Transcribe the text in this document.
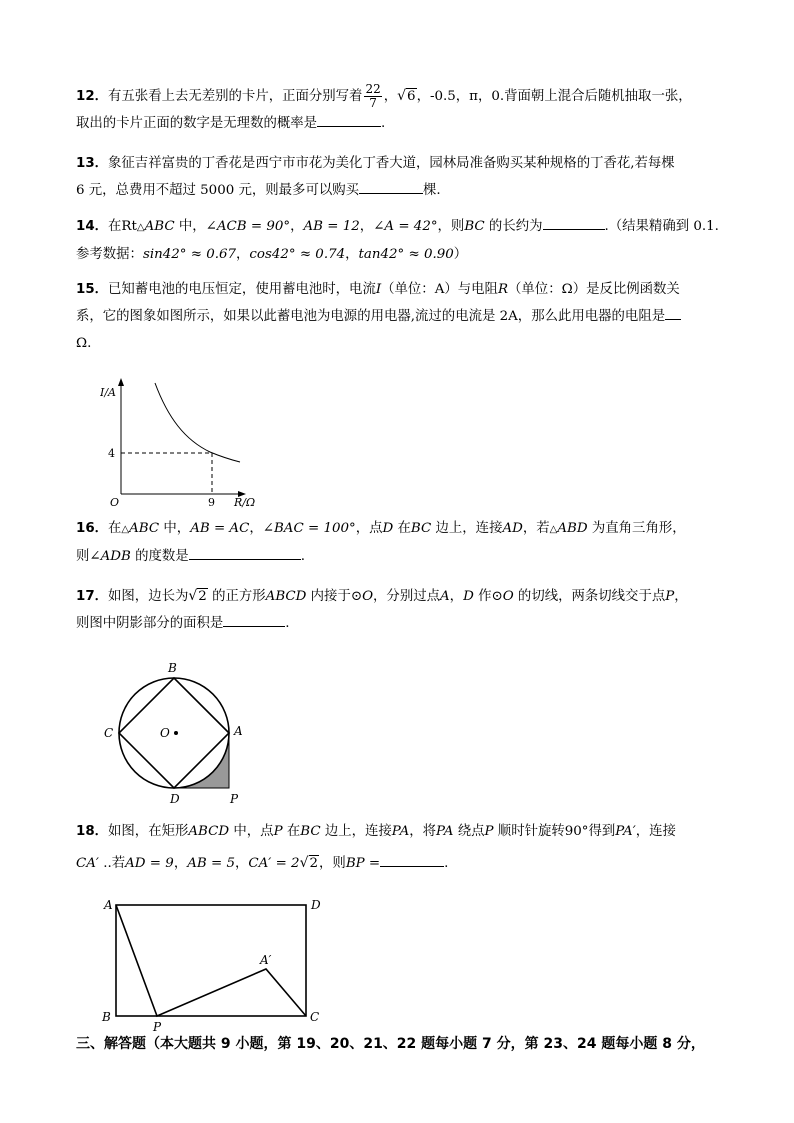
12．有五张看上去无差别的卡片，正面分别写着 $\frac{22}{7}$ ，√6，-0.5，π，0.背面朝上混合后随机抽取一张，
取出的卡片正面的数字是无理数的概率是	.
13．象征吉祥富贵的丁香花是西宁市市花为美化丁香大道，园林局准备购买某种规格的丁香花,若每棵
6 元，总费用不超过 5000 元，则最多可以购买	棵.
14．在Rt△ABC 中，∠ACB = 90°，AB = 12，∠A = 42°，则BC 的长约为	.（结果精确到 0.1.
参考数据：sin42° ≈ 0.67，cos42° ≈ 0.74，tan42° ≈ 0.90）
15．已知蓄电池的电压恒定，使用蓄电池时，电流I（单位：A）与电阻R（单位：Ω）是反比例函数关
系，它的图象如图所示，如果以此蓄电池为电源的用电器,流过的电流是 2A，那么此用电器的电阻是
Ω.
I/A
R/Ω
O
4
9
16．在△ABC 中，AB = AC，∠BAC = 100°，点D 在BC 边上，连接AD，若△ABD 为直角三角形，
则∠ADB 的度数是	.
17．如图，边长为√2 的正方形ABCD 内接于⊙O，分别过点A，D 作⊙O 的切线，两条切线交于点P，
则图中阴影部分的面积是	.
B
C	A
O
D	P
18．如图，在矩形ABCD 中，点P 在BC 边上，连接PA，将PA 绕点P 顺时针旋转90°得到PA′，连接
CA′ ..若AD = 9，AB = 5，CA′ = 2√2，则BP =	.
A	D
B	C
P
A′
三、解答题（本大题共 9 小题，第 19、20、21、22 题每小题 7 分，第 23、24 题每小题 8 分，
